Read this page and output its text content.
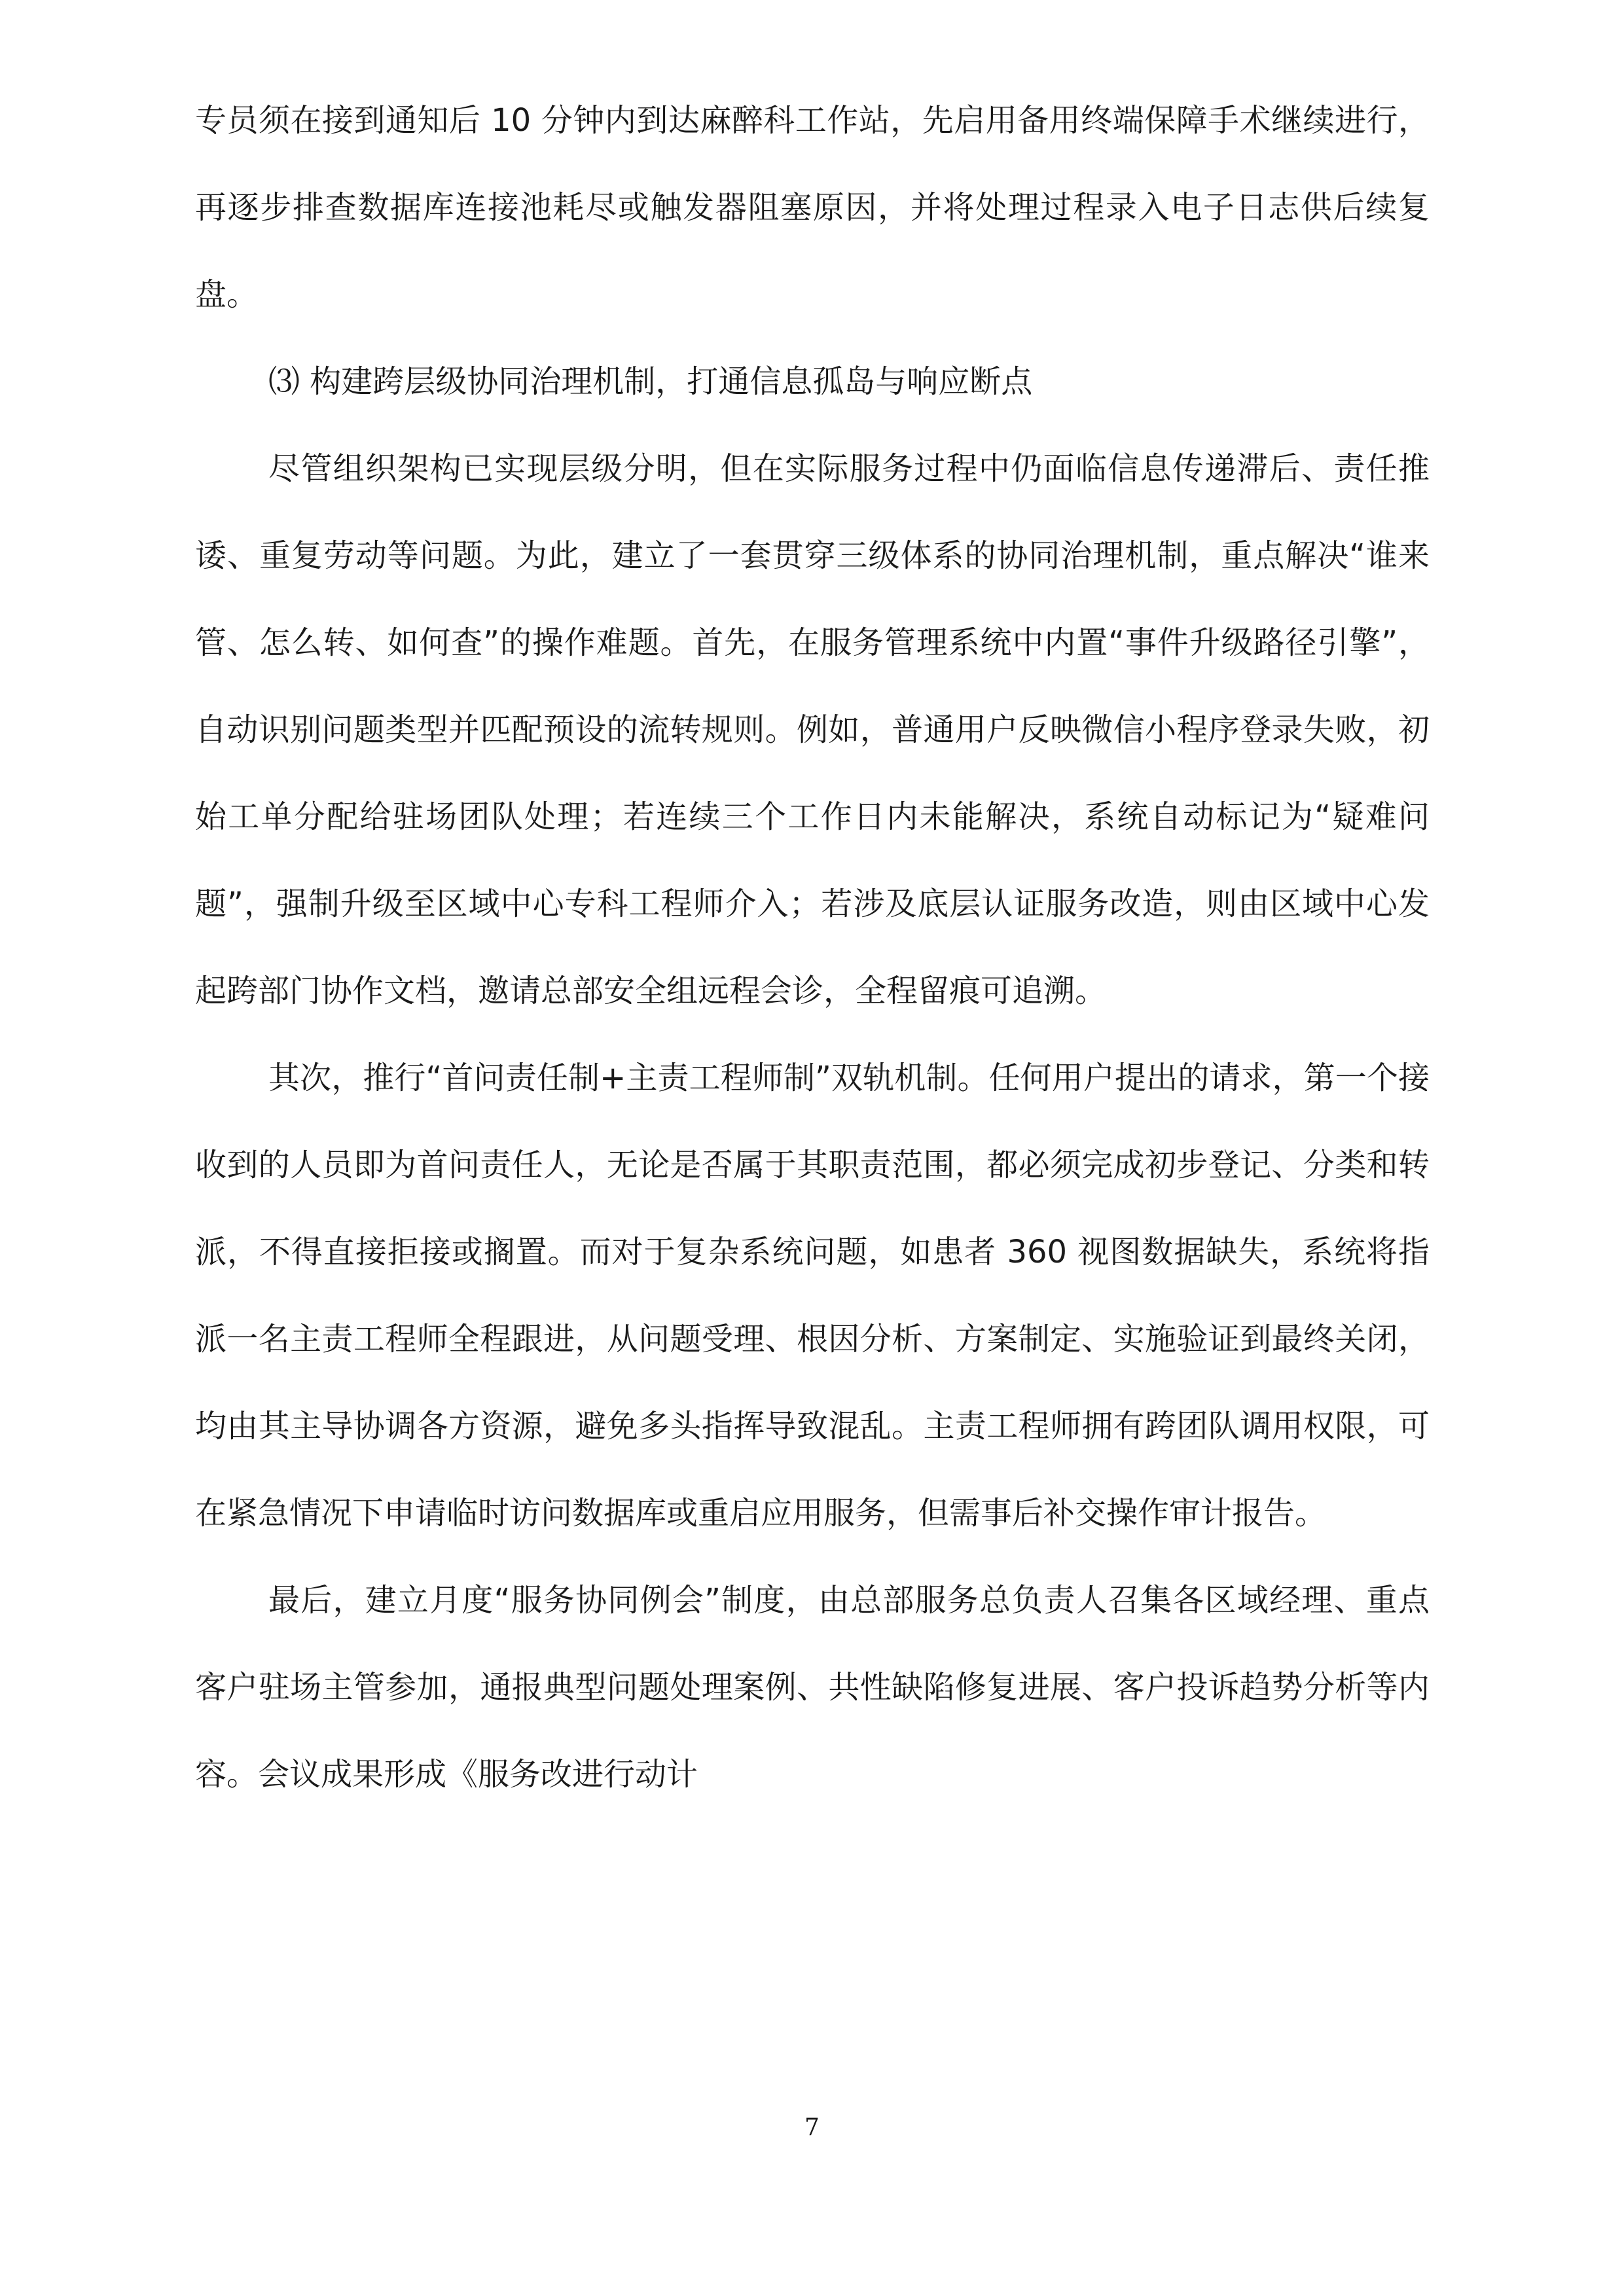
专员须在接到通知后 10 分钟内到达麻醉科工作站，先启用备用终端保障手术继续进行，再逐步排查数据库连接池耗尽或触发器阻塞原因，并将处理过程录入电子日志供后续复盘。

⑶ 构建跨层级协同治理机制，打通信息孤岛与响应断点

尽管组织架构已实现层级分明，但在实际服务过程中仍面临信息传递滞后、责任推诿、重复劳动等问题。为此，建立了一套贯穿三级体系的协同治理机制，重点解决“谁来管、怎么转、如何查”的操作难题。首先，在服务管理系统中内置“事件升级路径引擎”，自动识别问题类型并匹配预设的流转规则。例如，普通用户反映微信小程序登录失败，初始工单分配给驻场团队处理；若连续三个工作日内未能解决，系统自动标记为“疑难问题”，强制升级至区域中心专科工程师介入；若涉及底层认证服务改造，则由区域中心发起跨部门协作文档，邀请总部安全组远程会诊，全程留痕可追溯。

其次，推行“首问责任制+主责工程师制”双轨机制。任何用户提出的请求，第一个接收到的人员即为首问责任人，无论是否属于其职责范围，都必须完成初步登记、分类和转派，不得直接拒接或搁置。而对于复杂系统问题，如患者 360 视图数据缺失，系统将指派一名主责工程师全程跟进，从问题受理、根因分析、方案制定、实施验证到最终关闭，均由其主导协调各方资源，避免多头指挥导致混乱。主责工程师拥有跨团队调用权限，可在紧急情况下申请临时访问数据库或重启应用服务，但需事后补交操作审计报告。

最后，建立月度“服务协同例会”制度，由总部服务总负责人召集各区域经理、重点客户驻场主管参加，通报典型问题处理案例、共性缺陷修复进展、客户投诉趋势分析等内容。会议成果形成《服务改进行动计

7
